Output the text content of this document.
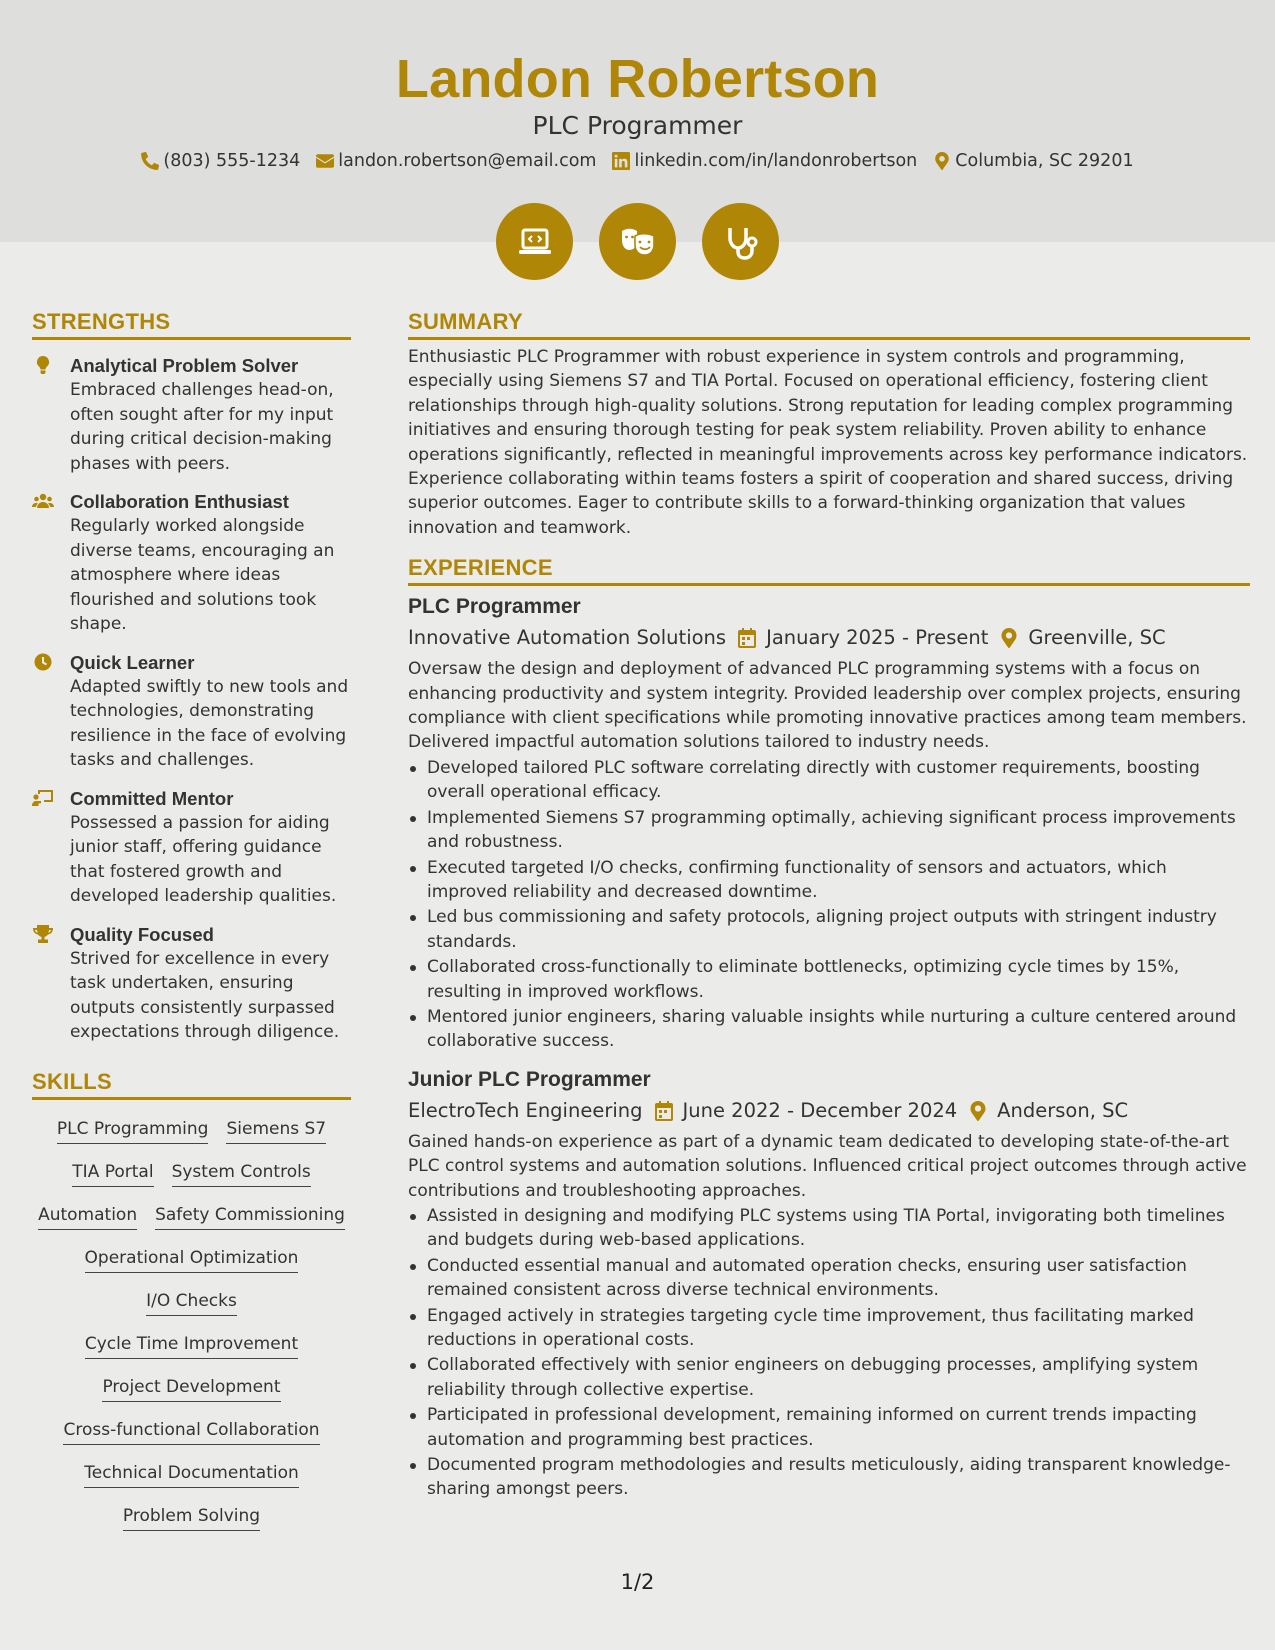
Landon Robertson
PLC Programmer
(803) 555-1234 landon.robertson@email.com linkedin.com/in/landonrobertson Columbia, SC 29201
STRENGTHS
Analytical Problem Solver
Embraced challenges head-on, often sought after for my input during critical decision-making phases with peers.
Collaboration Enthusiast
Regularly worked alongside diverse teams, encouraging an atmosphere where ideas flourished and solutions took shape.
Quick Learner
Adapted swiftly to new tools and technologies, demonstrating resilience in the face of evolving tasks and challenges.
Committed Mentor
Possessed a passion for aiding junior staff, offering guidance that fostered growth and developed leadership qualities.
Quality Focused
Strived for excellence in every task undertaken, ensuring outputs consistently surpassed expectations through diligence.
SKILLS
PLC Programming Siemens S7
TIA Portal System Controls
Automation Safety Commissioning
Operational Optimization
I/O Checks
Cycle Time Improvement
Project Development
Cross-functional Collaboration
Technical Documentation
Problem Solving
SUMMARY
Enthusiastic PLC Programmer with robust experience in system controls and programming, especially using Siemens S7 and TIA Portal. Focused on operational efficiency, fostering client relationships through high-quality solutions. Strong reputation for leading complex programming initiatives and ensuring thorough testing for peak system reliability. Proven ability to enhance operations significantly, reflected in meaningful improvements across key performance indicators. Experience collaborating within teams fosters a spirit of cooperation and shared success, driving superior outcomes. Eager to contribute skills to a forward-thinking organization that values innovation and teamwork.
EXPERIENCE
PLC Programmer
Innovative Automation Solutions January 2025 - Present Greenville, SC
Oversaw the design and deployment of advanced PLC programming systems with a focus on enhancing productivity and system integrity. Provided leadership over complex projects, ensuring compliance with client specifications while promoting innovative practices among team members. Delivered impactful automation solutions tailored to industry needs.
Developed tailored PLC software correlating directly with customer requirements, boosting overall operational efficacy.
Implemented Siemens S7 programming optimally, achieving significant process improvements and robustness.
Executed targeted I/O checks, confirming functionality of sensors and actuators, which improved reliability and decreased downtime.
Led bus commissioning and safety protocols, aligning project outputs with stringent industry standards.
Collaborated cross-functionally to eliminate bottlenecks, optimizing cycle times by 15%, resulting in improved workflows.
Mentored junior engineers, sharing valuable insights while nurturing a culture centered around collaborative success.
Junior PLC Programmer
ElectroTech Engineering June 2022 - December 2024 Anderson, SC
Gained hands-on experience as part of a dynamic team dedicated to developing state-of-the-art PLC control systems and automation solutions. Influenced critical project outcomes through active contributions and troubleshooting approaches.
Assisted in designing and modifying PLC systems using TIA Portal, invigorating both timelines and budgets during web-based applications.
Conducted essential manual and automated operation checks, ensuring user satisfaction remained consistent across diverse technical environments.
Engaged actively in strategies targeting cycle time improvement, thus facilitating marked reductions in operational costs.
Collaborated effectively with senior engineers on debugging processes, amplifying system reliability through collective expertise.
Participated in professional development, remaining informed on current trends impacting automation and programming best practices.
Documented program methodologies and results meticulously, aiding transparent knowledge-sharing amongst peers.
1/2
